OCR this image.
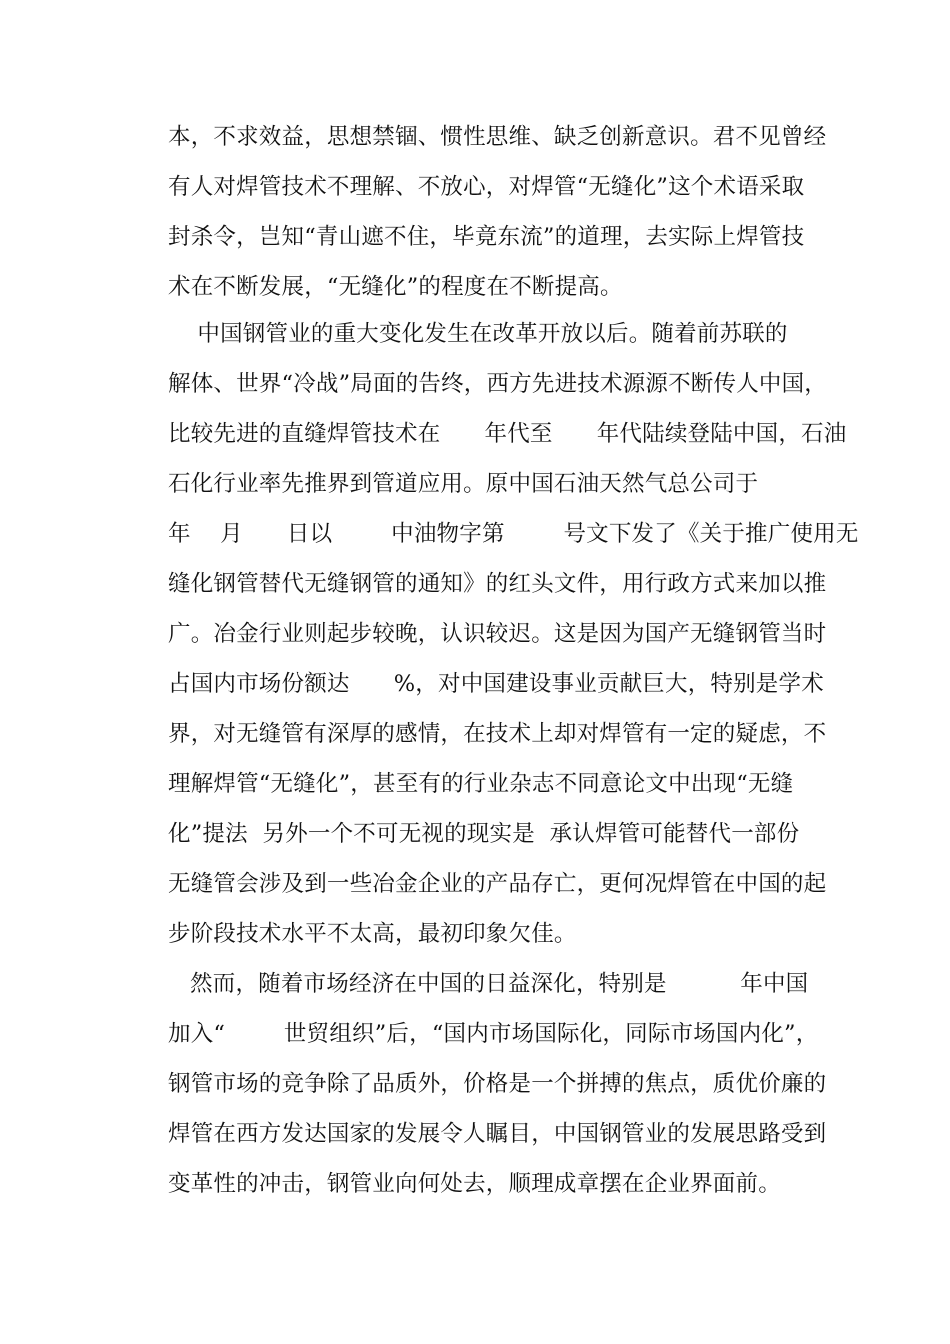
本，不求效益，思想禁锢、惯性思维、缺乏创新意识。君不见曾经
有人对焊管技术不理解、不放心，对焊管“无缝化”这个术语采取
封杀令，岂知“青山遮不住，毕竟东流”的道理，去实际上焊管技
术在不断发展，“无缝化”的程度在不断提高。
中国钢管业的重大变化发生在改革开放以后。随着前苏联的
解体、世界“冷战”局面的告终，西方先进技术源源不断传人中国，
比较先进的直缝焊管技术在      年代至      年代陆续登陆中国，石油
石化行业率先推界到管道应用。原中国石油天然气总公司于
年    月      日以        中油物字第        号文下发了《关于推广使用无
缝化钢管替代无缝钢管的通知》的红头文件，用行政方式来加以推
广。冶金行业则起步较晚，认识较迟。这是因为国产无缝钢管当时
占国内市场份额达      %，对中国建设事业贡献巨大，特别是学术
界，对无缝管有深厚的感情，在技术上却对焊管有一定的疑虑，不
理解焊管“无缝化”，甚至有的行业杂志不同意论文中出现“无缝
化”提法  另外一个不可无视的现实是  承认焊管可能替代一部份
无缝管会涉及到一些冶金企业的产品存亡，更何况焊管在中国的起
步阶段技术水平不太高，最初印象欠佳。
然而，随着市场经济在中国的日益深化，特别是          年中国
加入“        世贸组织”后，“国内市场国际化，同际市场国内化”，
钢管市场的竞争除了品质外，价格是一个拼搏的焦点，质优价廉的
焊管在西方发达国家的发展令人瞩目，中国钢管业的发展思路受到
变革性的冲击，钢管业向何处去，顺理成章摆在企业界面前。
